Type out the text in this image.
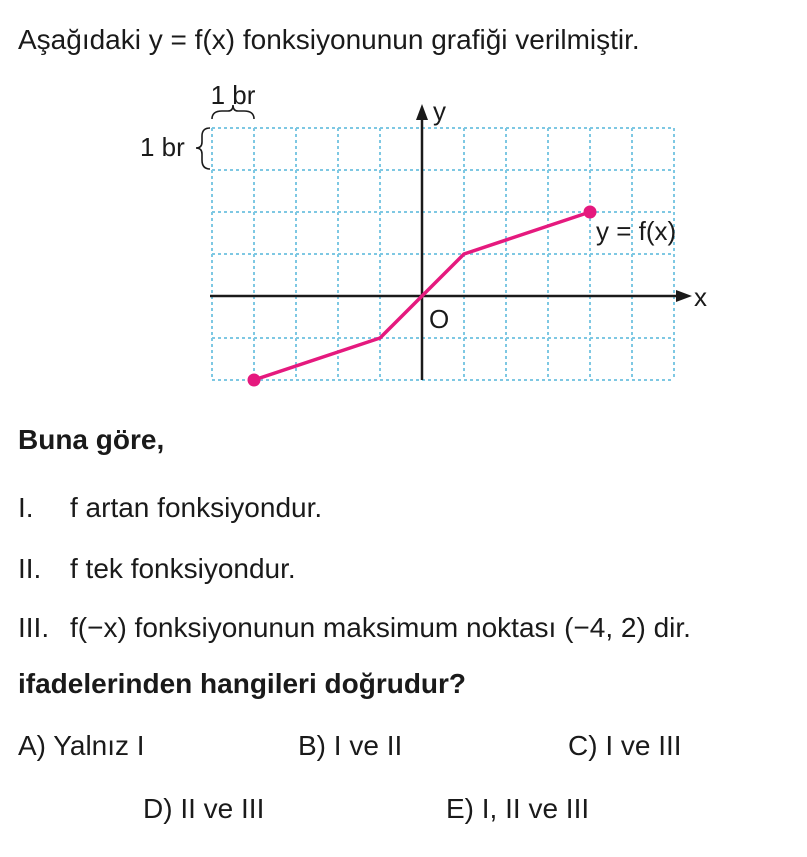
Aşağıdaki y = f(x) fonksiyonunun grafiği verilmiştir.
x
y
O
y = f(x)
1 br
1 br
Buna göre,
I. f artan fonksiyondur.
II. f tek fonksiyondur.
III. f(−x) fonksiyonunun maksimum noktası (−4, 2) dir.
ifadelerinden hangileri doğrudur?
A) Yalnız I	B) I ve II	C) I ve III
D) II ve III	E) I, II ve III
